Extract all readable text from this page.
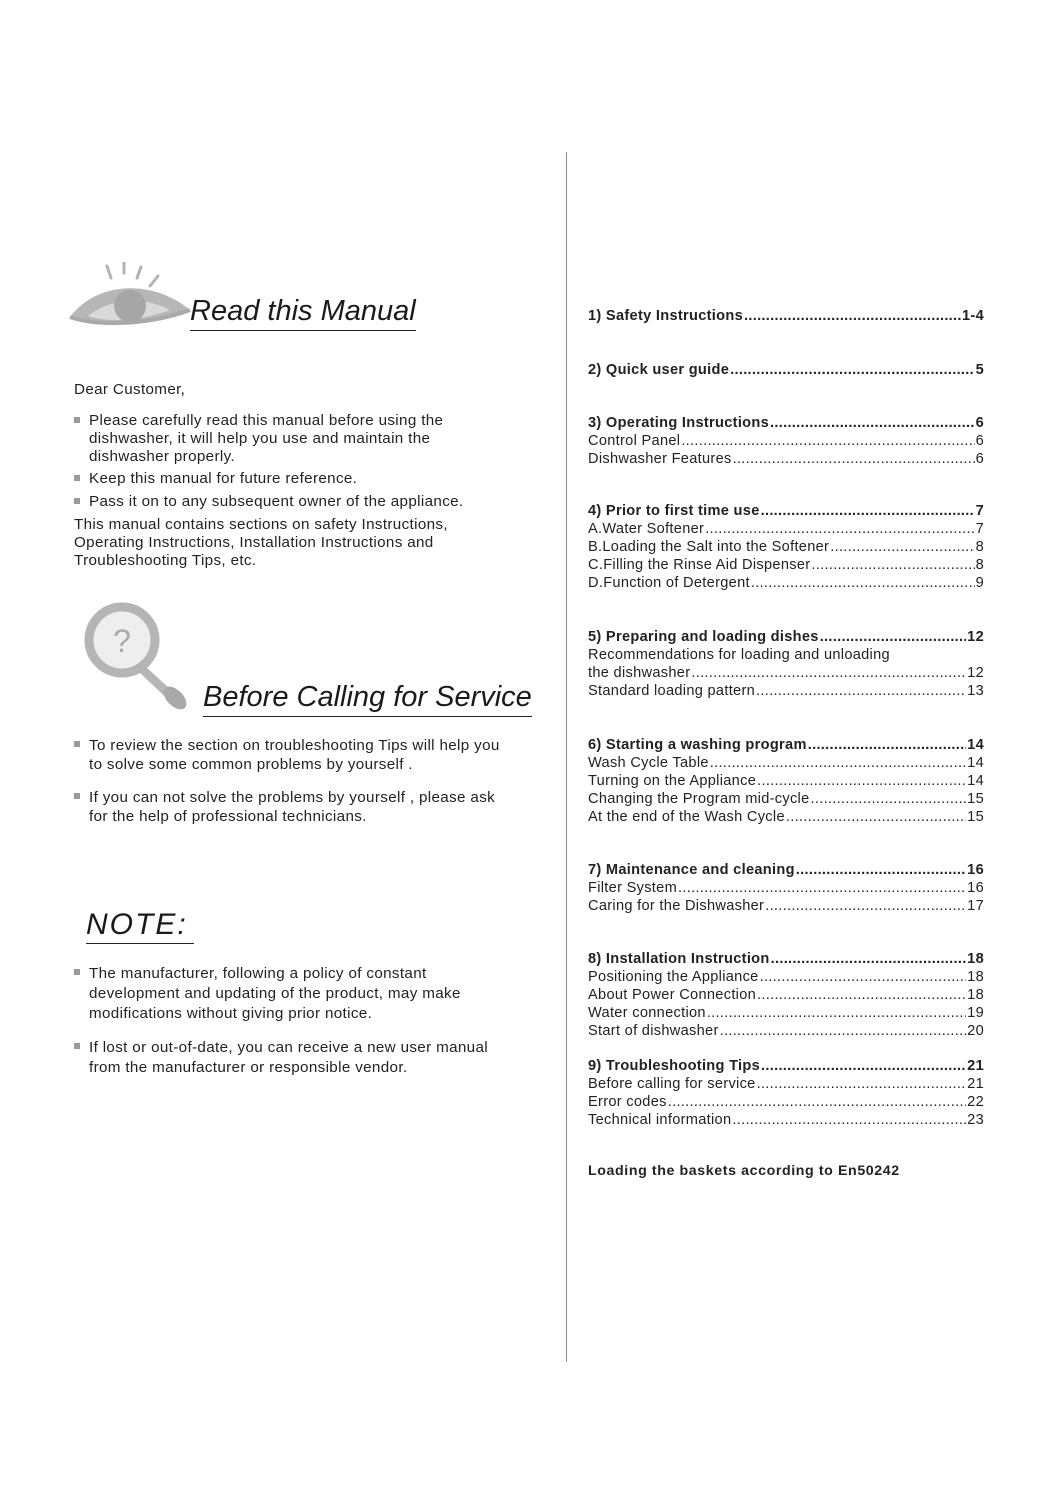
Read this Manual
Dear Customer,
Please carefully read this manual before using the dishwasher, it will help you use and maintain the dishwasher properly.
Keep this manual for future reference.
Pass it on to any subsequent owner of the appliance.
This manual contains sections on safety Instructions, Operating Instructions, Installation Instructions and Troubleshooting Tips, etc.
?
Before Calling for Service
To review the section on troubleshooting Tips will help you to solve some common problems by yourself .
If you can not solve the problems by yourself , please ask for the help of professional technicians.
NOTE:
The manufacturer, following a policy of constant development and updating of the product, may make modifications without giving prior notice.
If lost or out-of-date, you can receive a new user manual from the manufacturer or responsible vendor.
1) Safety Instructions .....	1-4
2) Quick user guide .....	5
3) Operating Instructions .....	6
Control Panel .....	6
Dishwasher Features .....	6
4) Prior to first time use .....	7
A.Water Softener .....	7
B.Loading the Salt into the Softener .....	8
C.Filling the Rinse Aid Dispenser .....	8
D.Function of Detergent .....	9
5) Preparing and loading dishes .....	12
Recommendations for loading and unloading
the dishwasher .....	12
Standard loading pattern .....	13
6) Starting a washing program .....	14
Wash Cycle Table .....	14
Turning on the Appliance .....	14
Changing the Program mid-cycle .....	15
At the end of the Wash Cycle .....	15
7) Maintenance and cleaning .....	16
Filter System .....	16
Caring for the Dishwasher .....	17
8) Installation Instruction .....	18
Positioning the Appliance .....	18
About Power Connection .....	18
Water connection .....	19
Start of dishwasher .....	20
9) Troubleshooting Tips .....	21
Before calling for service .....	21
Error codes .....	22
Technical information .....	23
Loading the baskets according to En50242
